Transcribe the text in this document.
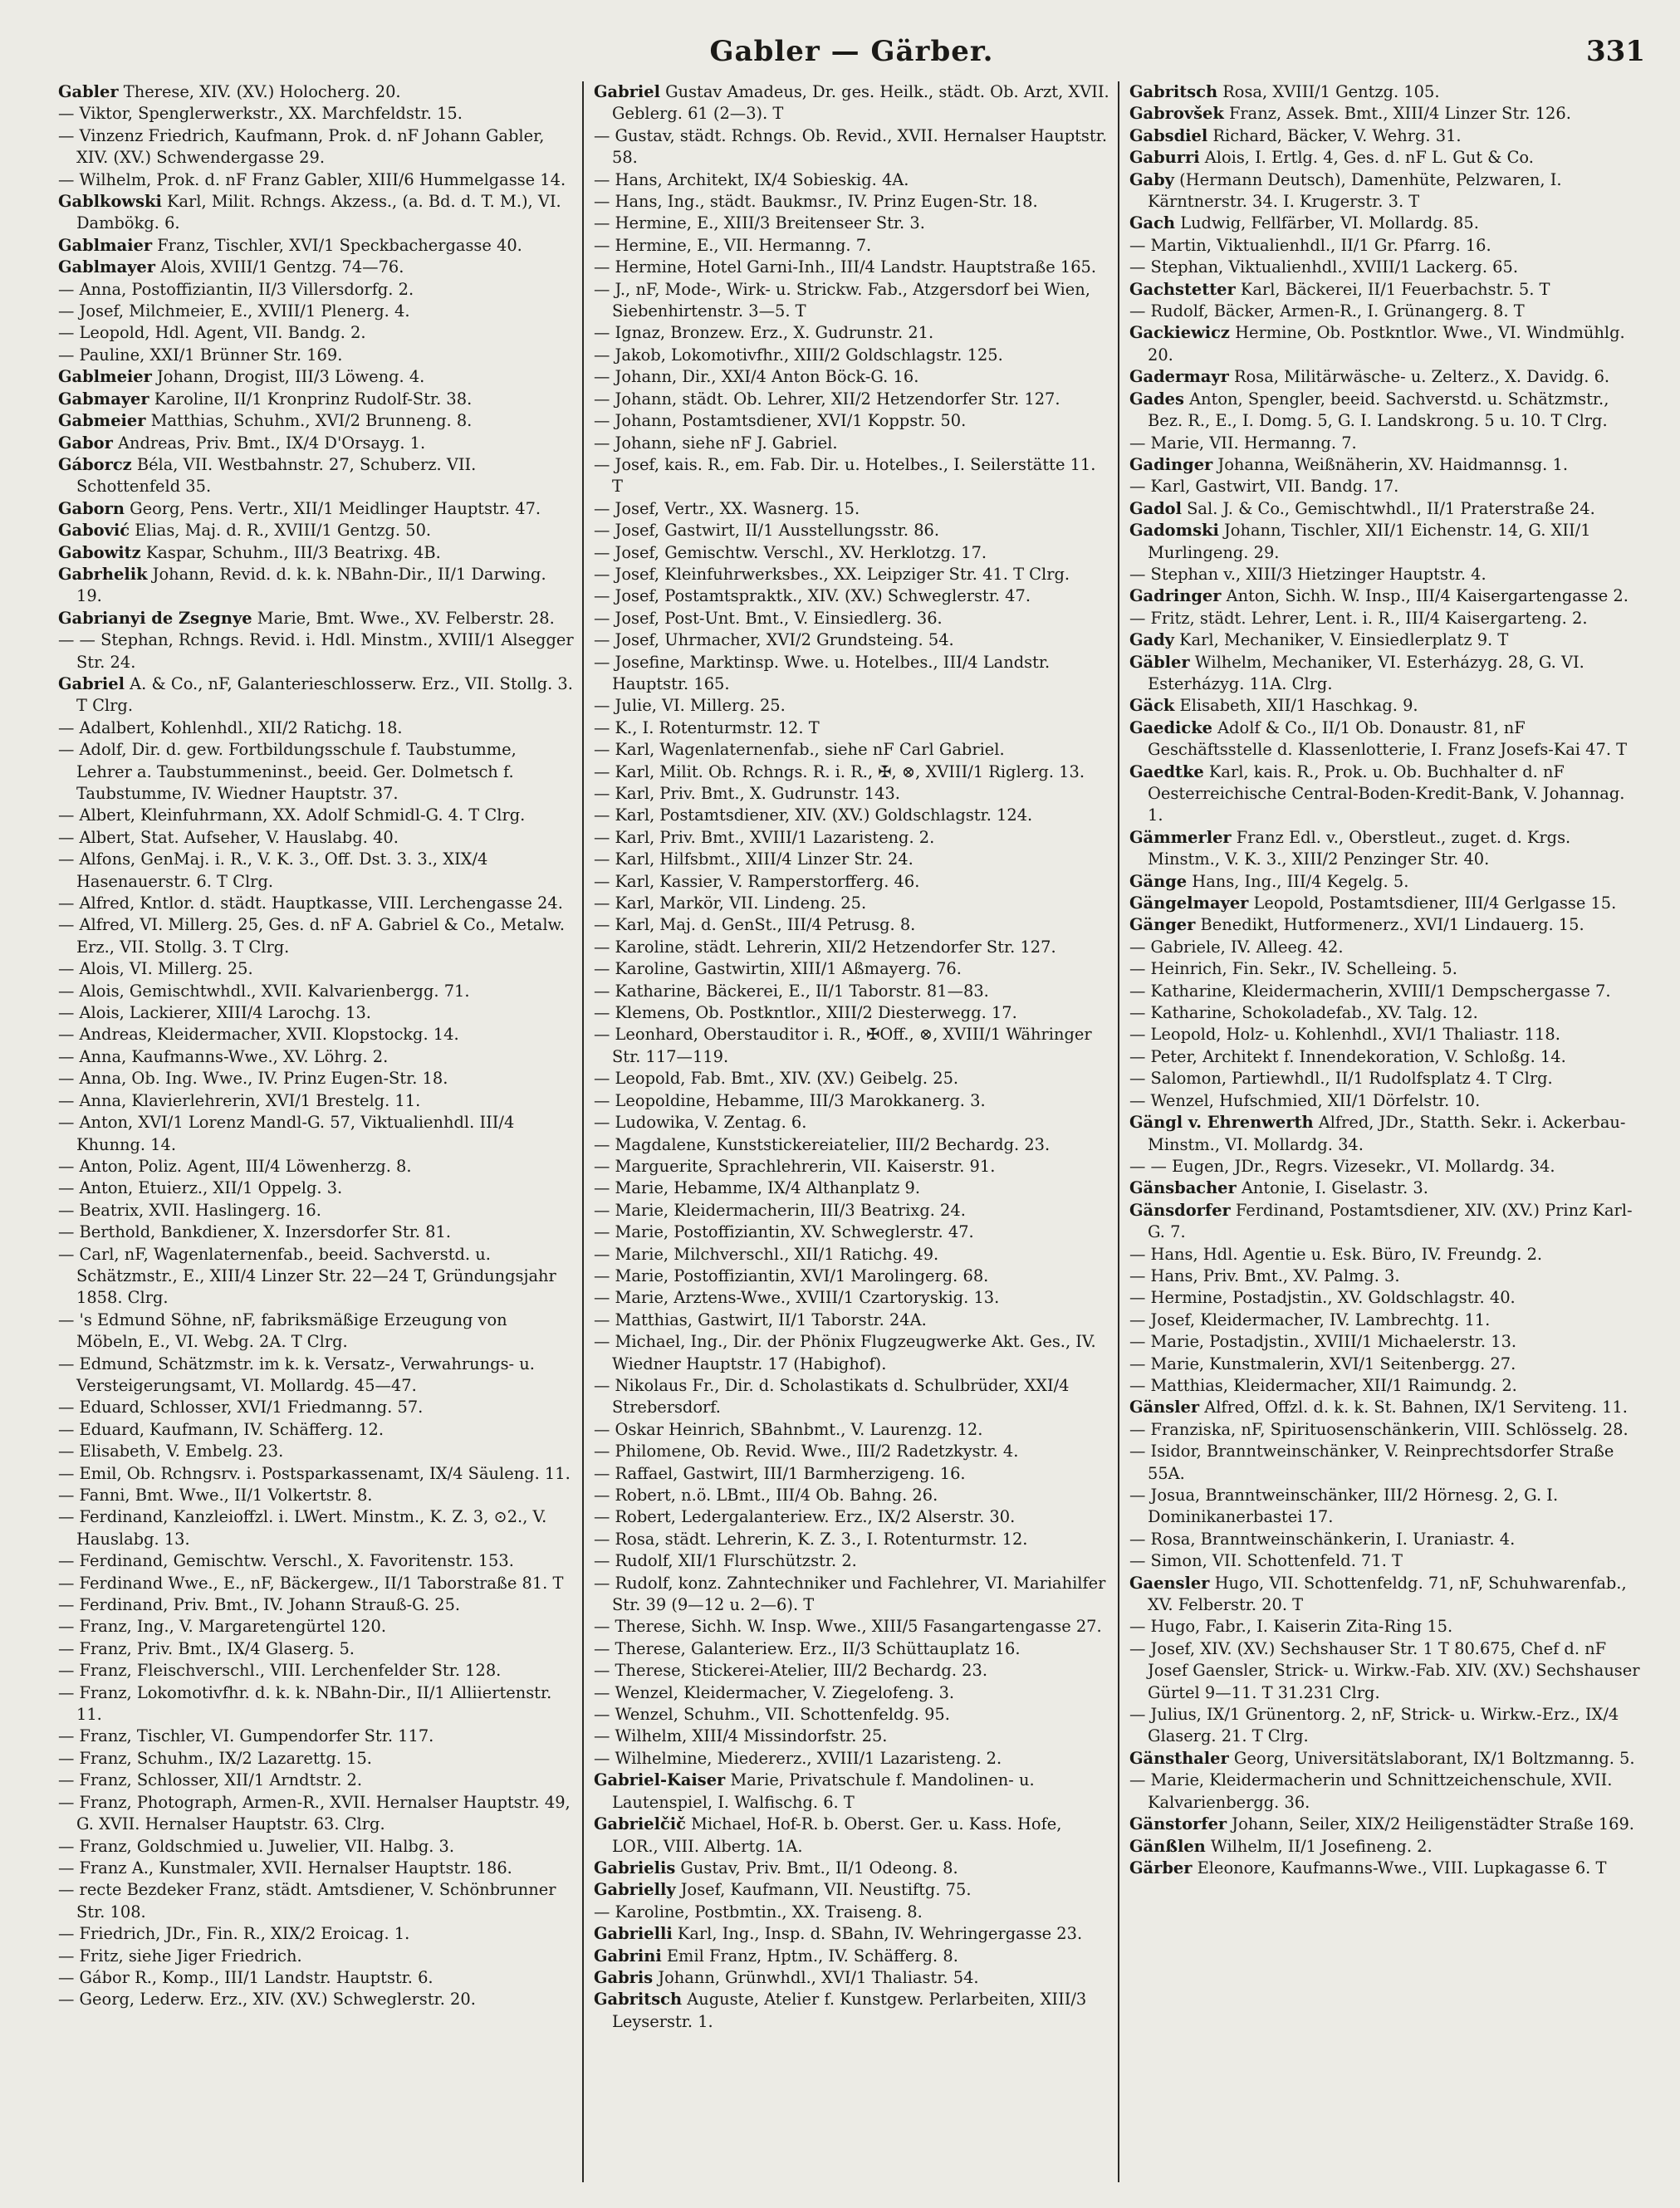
Gabler — Gärber.	331

Gabler Therese, XIV. (XV.) Holocherg. 20.

— Viktor, Spenglerwerkstr., XX. Marchfeldstr. 15.

— Vinzenz Friedrich, Kaufmann, Prok. d. nF Johann Gabler, XIV. (XV.) Schwendergasse 29.

— Wilhelm, Prok. d. nF Franz Gabler, XIII/6 Hummelgasse 14.

Gablkowski Karl, Milit. Rchngs. Akzess., (a. Bd. d. T. M.), VI. Dambökg. 6.

Gablmaier Franz, Tischler, XVI/1 Speckbachergasse 40.

Gablmayer Alois, XVIII/1 Gentzg. 74—76.

— Anna, Postoffiziantin, II/3 Villersdorfg. 2.

— Josef, Milchmeier, E., XVIII/1 Plenerg. 4.

— Leopold, Hdl. Agent, VII. Bandg. 2.

— Pauline, XXI/1 Brünner Str. 169.

Gablmeier Johann, Drogist, III/3 Löweng. 4.

Gabmayer Karoline, II/1 Kronprinz Rudolf-Str. 38.

Gabmeier Matthias, Schuhm., XVI/2 Brunneng. 8.

Gabor Andreas, Priv. Bmt., IX/4 D'Orsayg. 1.

Gáborcz Béla, VII. Westbahnstr. 27, Schuberz. VII. Schottenfeld 35.

Gaborn Georg, Pens. Vertr., XII/1 Meidlinger Hauptstr. 47.

Gabović Elias, Maj. d. R., XVIII/1 Gentzg. 50.

Gabowitz Kaspar, Schuhm., III/3 Beatrixg. 4B.

Gabrhelik Johann, Revid. d. k. k. NBahn-Dir., II/1 Darwing. 19.

Gabrianyi de Zsegnye Marie, Bmt. Wwe., XV. Felberstr. 28.

— — Stephan, Rchngs. Revid. i. Hdl. Minstm., XVIII/1 Alsegger Str. 24.

Gabriel A. & Co., nF, Galanterieschlosserw. Erz., VII. Stollg. 3. T Clrg.

— Adalbert, Kohlenhdl., XII/2 Ratichg. 18.

— Adolf, Dir. d. gew. Fortbildungsschule f. Taubstumme, Lehrer a. Taubstummeninst., beeid. Ger. Dolmetsch f. Taubstumme, IV. Wiedner Hauptstr. 37.

— Albert, Kleinfuhrmann, XX. Adolf Schmidl-G. 4. T Clrg.

— Albert, Stat. Aufseher, V. Hauslabg. 40.

— Alfons, GenMaj. i. R., V. K. 3., Off. Dst. 3. 3., XIX/4 Hasenauerstr. 6. T Clrg.

— Alfred, Kntlor. d. städt. Hauptkasse, VIII. Lerchengasse 24.

— Alfred, VI. Millerg. 25, Ges. d. nF A. Gabriel & Co., Metalw. Erz., VII. Stollg. 3. T Clrg.

— Alois, VI. Millerg. 25.

— Alois, Gemischtwhdl., XVII. Kalvarienbergg. 71.

— Alois, Lackierer, XIII/4 Larochg. 13.

— Andreas, Kleidermacher, XVII. Klopstockg. 14.

— Anna, Kaufmanns-Wwe., XV. Löhrg. 2.

— Anna, Ob. Ing. Wwe., IV. Prinz Eugen-Str. 18.

— Anna, Klavierlehrerin, XVI/1 Brestelg. 11.

— Anton, XVI/1 Lorenz Mandl-G. 57, Viktualienhdl. III/4 Khunng. 14.

— Anton, Poliz. Agent, III/4 Löwenherzg. 8.

— Anton, Etuierz., XII/1 Oppelg. 3.

— Beatrix, XVII. Haslingerg. 16.

— Berthold, Bankdiener, X. Inzersdorfer Str. 81.

— Carl, nF, Wagenlaternenfab., beeid. Sachverstd. u. Schätzmstr., E., XIII/4 Linzer Str. 22—24 T, Gründungsjahr 1858. Clrg.

— 's Edmund Söhne, nF, fabriksmäßige Erzeugung von Möbeln, E., VI. Webg. 2A. T Clrg.

— Edmund, Schätzmstr. im k. k. Versatz-, Verwahrungs- u. Versteigerungsamt, VI. Mollardg. 45—47.

— Eduard, Schlosser, XVI/1 Friedmanng. 57.

— Eduard, Kaufmann, IV. Schäfferg. 12.

— Elisabeth, V. Embelg. 23.

— Emil, Ob. Rchngsrv. i. Postsparkassenamt, IX/4 Säuleng. 11.

— Fanni, Bmt. Wwe., II/1 Volkertstr. 8.

— Ferdinand, Kanzleioffzl. i. LWert. Minstm., K. Z. 3, ⊙2., V. Hauslabg. 13.

— Ferdinand, Gemischtw. Verschl., X. Favoritenstr. 153.

— Ferdinand Wwe., E., nF, Bäckergew., II/1 Taborstraße 81. T

— Ferdinand, Priv. Bmt., IV. Johann Strauß-G. 25.

— Franz, Ing., V. Margaretengürtel 120.

— Franz, Priv. Bmt., IX/4 Glaserg. 5.

— Franz, Fleischverschl., VIII. Lerchenfelder Str. 128.

— Franz, Lokomotivfhr. d. k. k. NBahn-Dir., II/1 Alliiertenstr. 11.

— Franz, Tischler, VI. Gumpendorfer Str. 117.

— Franz, Schuhm., IX/2 Lazarettg. 15.

— Franz, Schlosser, XII/1 Arndtstr. 2.

— Franz, Photograph, Armen-R., XVII. Hernalser Hauptstr. 49, G. XVII. Hernalser Hauptstr. 63. Clrg.

— Franz, Goldschmied u. Juwelier, VII. Halbg. 3.

— Franz A., Kunstmaler, XVII. Hernalser Hauptstr. 186.

— recte Bezdeker Franz, städt. Amtsdiener, V. Schönbrunner Str. 108.

— Friedrich, JDr., Fin. R., XIX/2 Eroicag. 1.

— Fritz, siehe Jiger Friedrich.

— Gábor R., Komp., III/1 Landstr. Hauptstr. 6.

— Georg, Lederw. Erz., XIV. (XV.) Schweglerstr. 20.

Gabriel Gustav Amadeus, Dr. ges. Heilk., städt. Ob. Arzt, XVII. Geblerg. 61 (2—3). T

— Gustav, städt. Rchngs. Ob. Revid., XVII. Hernalser Hauptstr. 58.

— Hans, Architekt, IX/4 Sobieskig. 4A.

— Hans, Ing., städt. Baukmsr., IV. Prinz Eugen-Str. 18.

— Hermine, E., XIII/3 Breitenseer Str. 3.

— Hermine, E., VII. Hermanng. 7.

— Hermine, Hotel Garni-Inh., III/4 Landstr. Hauptstraße 165.

— J., nF, Mode-, Wirk- u. Strickw. Fab., Atzgersdorf bei Wien, Siebenhirtenstr. 3—5. T

— Ignaz, Bronzew. Erz., X. Gudrunstr. 21.

— Jakob, Lokomotivfhr., XIII/2 Goldschlagstr. 125.

— Johann, Dir., XXI/4 Anton Böck-G. 16.

— Johann, städt. Ob. Lehrer, XII/2 Hetzendorfer Str. 127.

— Johann, Postamtsdiener, XVI/1 Koppstr. 50.

— Johann, siehe nF J. Gabriel.

— Josef, kais. R., em. Fab. Dir. u. Hotelbes., I. Seilerstätte 11. T

— Josef, Vertr., XX. Wasnerg. 15.

— Josef, Gastwirt, II/1 Ausstellungsstr. 86.

— Josef, Gemischtw. Verschl., XV. Herklotzg. 17.

— Josef, Kleinfuhrwerksbes., XX. Leipziger Str. 41. T Clrg.

— Josef, Postamtspraktk., XIV. (XV.) Schweglerstr. 47.

— Josef, Post-Unt. Bmt., V. Einsiedlerg. 36.

— Josef, Uhrmacher, XVI/2 Grundsteing. 54.

— Josefine, Marktinsp. Wwe. u. Hotelbes., III/4 Landstr. Hauptstr. 165.

— Julie, VI. Millerg. 25.

— K., I. Rotenturmstr. 12. T

— Karl, Wagenlaternenfab., siehe nF Carl Gabriel.

— Karl, Milit. Ob. Rchngs. R. i. R., ✠, ⊗, XVIII/1 Riglerg. 13.

— Karl, Priv. Bmt., X. Gudrunstr. 143.

— Karl, Postamtsdiener, XIV. (XV.) Goldschlagstr. 124.

— Karl, Priv. Bmt., XVIII/1 Lazaristeng. 2.

— Karl, Hilfsbmt., XIII/4 Linzer Str. 24.

— Karl, Kassier, V. Ramperstorfferg. 46.

— Karl, Markör, VII. Lindeng. 25.

— Karl, Maj. d. GenSt., III/4 Petrusg. 8.

— Karoline, städt. Lehrerin, XII/2 Hetzendorfer Str. 127.

— Karoline, Gastwirtin, XIII/1 Aßmayerg. 76.

— Katharine, Bäckerei, E., II/1 Taborstr. 81—83.

— Klemens, Ob. Postkntlor., XIII/2 Diesterwegg. 17.

— Leonhard, Oberstauditor i. R., ✠Off., ⊗, XVIII/1 Währinger Str. 117—119.

— Leopold, Fab. Bmt., XIV. (XV.) Geibelg. 25.

— Leopoldine, Hebamme, III/3 Marokkanerg. 3.

— Ludowika, V. Zentag. 6.

— Magdalene, Kunststickereiatelier, III/2 Bechardg. 23.

— Marguerite, Sprachlehrerin, VII. Kaiserstr. 91.

— Marie, Hebamme, IX/4 Althanplatz 9.

— Marie, Kleidermacherin, III/3 Beatrixg. 24.

— Marie, Postoffiziantin, XV. Schweglerstr. 47.

— Marie, Milchverschl., XII/1 Ratichg. 49.

— Marie, Postoffiziantin, XVI/1 Marolingerg. 68.

— Marie, Arztens-Wwe., XVIII/1 Czartoryskig. 13.

— Matthias, Gastwirt, II/1 Taborstr. 24A.

— Michael, Ing., Dir. der Phönix Flugzeugwerke Akt. Ges., IV. Wiedner Hauptstr. 17 (Habighof).

— Nikolaus Fr., Dir. d. Scholastikats d. Schulbrüder, XXI/4 Strebersdorf.

— Oskar Heinrich, SBahnbmt., V. Laurenzg. 12.

— Philomene, Ob. Revid. Wwe., III/2 Radetzkystr. 4.

— Raffael, Gastwirt, III/1 Barmherzigeng. 16.

— Robert, n.ö. LBmt., III/4 Ob. Bahng. 26.

— Robert, Ledergalanteriew. Erz., IX/2 Alserstr. 30.

— Rosa, städt. Lehrerin, K. Z. 3., I. Rotenturmstr. 12.

— Rudolf, XII/1 Flurschützstr. 2.

— Rudolf, konz. Zahntechniker und Fachlehrer, VI. Mariahilfer Str. 39 (9—12 u. 2—6). T

— Therese, Sichh. W. Insp. Wwe., XIII/5 Fasangartengasse 27.

— Therese, Galanteriew. Erz., II/3 Schüttauplatz 16.

— Therese, Stickerei-Atelier, III/2 Bechardg. 23.

— Wenzel, Kleidermacher, V. Ziegelofeng. 3.

— Wenzel, Schuhm., VII. Schottenfeldg. 95.

— Wilhelm, XIII/4 Missindorfstr. 25.

— Wilhelmine, Miedererz., XVIII/1 Lazaristeng. 2.

Gabriel-Kaiser Marie, Privatschule f. Mandolinen- u. Lautenspiel, I. Walfischg. 6. T

Gabrielčič Michael, Hof-R. b. Oberst. Ger. u. Kass. Hofe, LOR., VIII. Albertg. 1A.

Gabrielis Gustav, Priv. Bmt., II/1 Odeong. 8.

Gabrielly Josef, Kaufmann, VII. Neustiftg. 75.

— Karoline, Postbmtin., XX. Traiseng. 8.

Gabrielli Karl, Ing., Insp. d. SBahn, IV. Wehringergasse 23.

Gabrini Emil Franz, Hptm., IV. Schäfferg. 8.

Gabris Johann, Grünwhdl., XVI/1 Thaliastr. 54.

Gabritsch Auguste, Atelier f. Kunstgew. Perlarbeiten, XIII/3 Leyserstr. 1.

Gabritsch Rosa, XVIII/1 Gentzg. 105.

Gabrovšek Franz, Assek. Bmt., XIII/4 Linzer Str. 126.

Gabsdiel Richard, Bäcker, V. Wehrg. 31.

Gaburri Alois, I. Ertlg. 4, Ges. d. nF L. Gut & Co.

Gaby (Hermann Deutsch), Damenhüte, Pelzwaren, I. Kärntnerstr. 34. I. Krugerstr. 3. T

Gach Ludwig, Fellfärber, VI. Mollardg. 85.

— Martin, Viktualienhdl., II/1 Gr. Pfarrg. 16.

— Stephan, Viktualienhdl., XVIII/1 Lackerg. 65.

Gachstetter Karl, Bäckerei, II/1 Feuerbachstr. 5. T

— Rudolf, Bäcker, Armen-R., I. Grünangerg. 8. T

Gackiewicz Hermine, Ob. Postkntlor. Wwe., VI. Windmühlg. 20.

Gadermayr Rosa, Militärwäsche- u. Zelterz., X. Davidg. 6.

Gades Anton, Spengler, beeid. Sachverstd. u. Schätzmstr., Bez. R., E., I. Domg. 5, G. I. Landskrong. 5 u. 10. T Clrg.

— Marie, VII. Hermanng. 7.

Gadinger Johanna, Weißnäherin, XV. Haidmannsg. 1.

— Karl, Gastwirt, VII. Bandg. 17.

Gadol Sal. J. & Co., Gemischtwhdl., II/1 Praterstraße 24.

Gadomski Johann, Tischler, XII/1 Eichenstr. 14, G. XII/1 Murlingeng. 29.

— Stephan v., XIII/3 Hietzinger Hauptstr. 4.

Gadringer Anton, Sichh. W. Insp., III/4 Kaisergartengasse 2.

— Fritz, städt. Lehrer, Lent. i. R., III/4 Kaisergarteng. 2.

Gady Karl, Mechaniker, V. Einsiedlerplatz 9. T

Gäbler Wilhelm, Mechaniker, VI. Esterházyg. 28, G. VI. Esterházyg. 11A. Clrg.

Gäck Elisabeth, XII/1 Haschkag. 9.

Gaedicke Adolf & Co., II/1 Ob. Donaustr. 81, nF Geschäftsstelle d. Klassenlotterie, I. Franz Josefs-Kai 47. T

Gaedtke Karl, kais. R., Prok. u. Ob. Buchhalter d. nF Oesterreichische Central-Boden-Kredit-Bank, V. Johannag. 1.

Gämmerler Franz Edl. v., Oberstleut., zuget. d. Krgs. Minstm., V. K. 3., XIII/2 Penzinger Str. 40.

Gänge Hans, Ing., III/4 Kegelg. 5.

Gängelmayer Leopold, Postamtsdiener, III/4 Gerlgasse 15.

Gänger Benedikt, Hutformenerz., XVI/1 Lindauerg. 15.

— Gabriele, IV. Alleeg. 42.

— Heinrich, Fin. Sekr., IV. Schelleing. 5.

— Katharine, Kleidermacherin, XVIII/1 Dempschergasse 7.

— Katharine, Schokoladefab., XV. Talg. 12.

— Leopold, Holz- u. Kohlenhdl., XVI/1 Thaliastr. 118.

— Peter, Architekt f. Innendekoration, V. Schloßg. 14.

— Salomon, Partiewhdl., II/1 Rudolfsplatz 4. T Clrg.

— Wenzel, Hufschmied, XII/1 Dörfelstr. 10.

Gängl v. Ehrenwerth Alfred, JDr., Statth. Sekr. i. Ackerbau-Minstm., VI. Mollardg. 34.

— — Eugen, JDr., Regrs. Vizesekr., VI. Mollardg. 34.

Gänsbacher Antonie, I. Giselastr. 3.

Gänsdorfer Ferdinand, Postamtsdiener, XIV. (XV.) Prinz Karl-G. 7.

— Hans, Hdl. Agentie u. Esk. Büro, IV. Freundg. 2.

— Hans, Priv. Bmt., XV. Palmg. 3.

— Hermine, Postadjstin., XV. Goldschlagstr. 40.

— Josef, Kleidermacher, IV. Lambrechtg. 11.

— Marie, Postadjstin., XVIII/1 Michaelerstr. 13.

— Marie, Kunstmalerin, XVI/1 Seitenbergg. 27.

— Matthias, Kleidermacher, XII/1 Raimundg. 2.

Gänsler Alfred, Offzl. d. k. k. St. Bahnen, IX/1 Serviteng. 11.

— Franziska, nF, Spirituosenschänkerin, VIII. Schlösselg. 28.

— Isidor, Branntweinschänker, V. Reinprechtsdorfer Straße 55A.

— Josua, Branntweinschänker, III/2 Hörnesg. 2, G. I. Dominikanerbastei 17.

— Rosa, Branntweinschänkerin, I. Uraniastr. 4.

— Simon, VII. Schottenfeld. 71. T

Gaensler Hugo, VII. Schottenfeldg. 71, nF, Schuhwarenfab., XV. Felberstr. 20. T

— Hugo, Fabr., I. Kaiserin Zita-Ring 15.

— Josef, XIV. (XV.) Sechshauser Str. 1 T 80.675, Chef d. nF Josef Gaensler, Strick- u. Wirkw.-Fab. XIV. (XV.) Sechshauser Gürtel 9—11. T 31.231 Clrg.

— Julius, IX/1 Grünentorg. 2, nF, Strick- u. Wirkw.-Erz., IX/4 Glaserg. 21. T Clrg.

Gänsthaler Georg, Universitätslaborant, IX/1 Boltzmanng. 5.

— Marie, Kleidermacherin und Schnittzeichenschule, XVII. Kalvarienbergg. 36.

Gänstorfer Johann, Seiler, XIX/2 Heiligenstädter Straße 169.

Gänßlen Wilhelm, II/1 Josefineng. 2.

Gärber Eleonore, Kaufmanns-Wwe., VIII. Lupkagasse 6. T
